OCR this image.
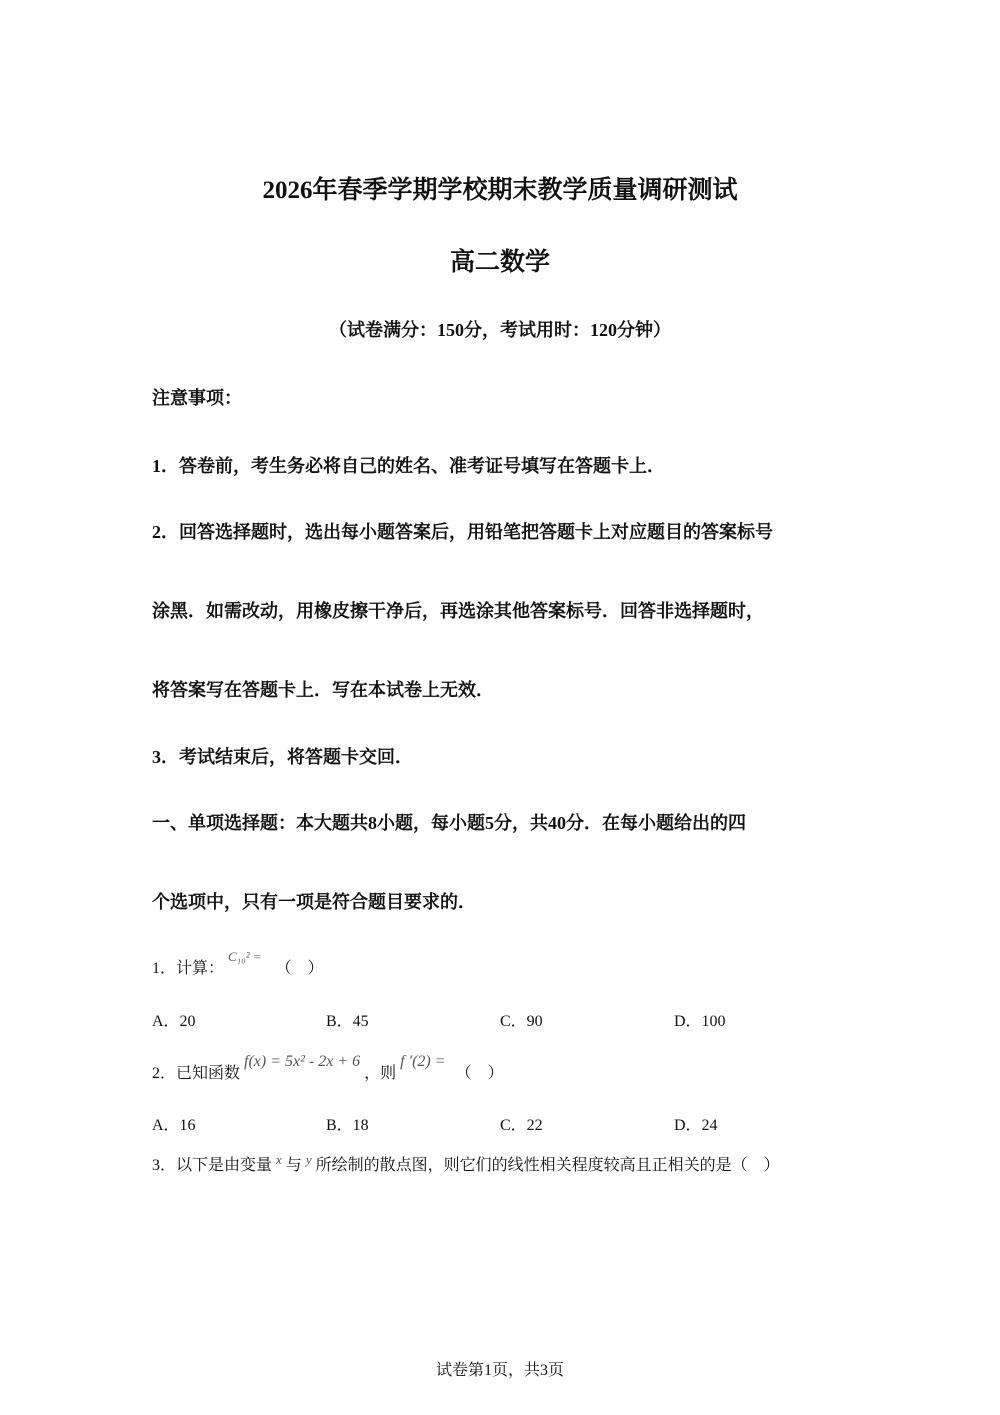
2026年春季学期学校期末教学质量调研测试
高二数学
（试卷满分：150分，考试用时：120分钟）
注意事项：
1．答卷前，考生务必将自己的姓名、准考证号填写在答题卡上．
2．回答选择题时，选出每小题答案后，用铅笔把答题卡上对应题目的答案标号
涂黑．如需改动，用橡皮擦干净后，再选涂其他答案标号．回答非选择题时，
将答案写在答题卡上．写在本试卷上无效．
3．考试结束后，将答题卡交回．
一、单项选择题：本大题共8小题，每小题5分，共40分．在每小题给出的四
个选项中，只有一项是符合题目要求的．
1．计算： $^{C_{10}^2 =}$ （　）
A．20	B．45	C．90	D．100
2．已知函数 f(x) = 5x² - 2x + 6 ，则 f ′(2) = （　）
A．16	B．18	C．22	D．24
3．以下是由变量 $^x$ 与 $^y$ 所绘制的散点图，则它们的线性相关程度较高且正相关的是（　）
试卷第1页，共3页
